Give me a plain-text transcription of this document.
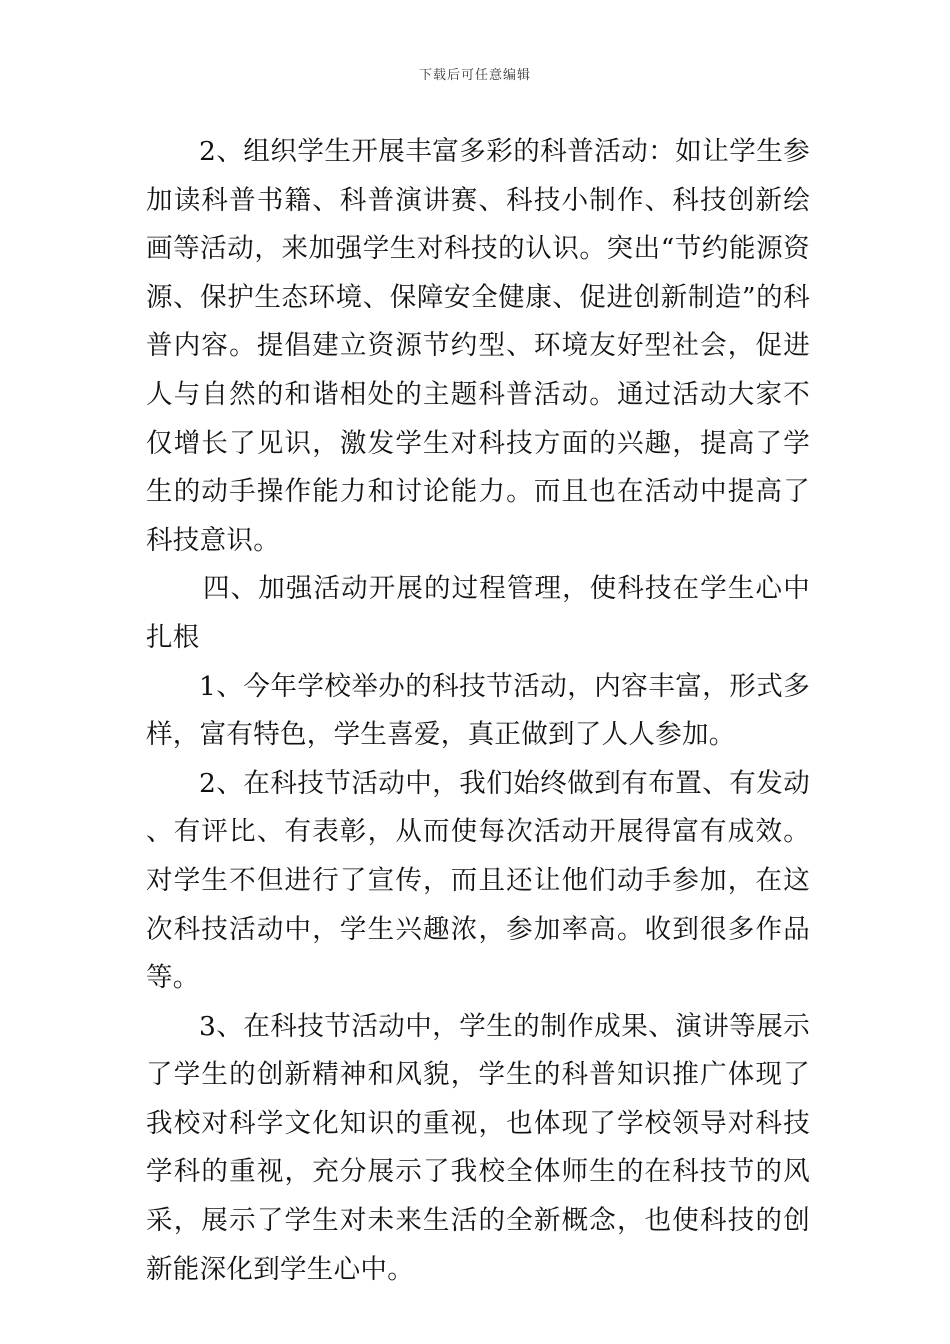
下载后可任意编辑

2、组织学生开展丰富多彩的科普活动：如让学生参加读科普书籍、科普演讲赛、科技小制作、科技创新绘画等活动，来加强学生对科技的认识。突出“节约能源资源、保护生态环境、保障安全健康、促进创新制造”的科普内容。提倡建立资源节约型、环境友好型社会，促进人与自然的和谐相处的主题科普活动。通过活动大家不仅增长了见识，激发学生对科技方面的兴趣，提高了学生的动手操作能力和讨论能力。而且也在活动中提高了科技意识。

四、加强活动开展的过程管理，使科技在学生心中扎根

1、今年学校举办的科技节活动，内容丰富，形式多样，富有特色，学生喜爱，真正做到了人人参加。

2、在科技节活动中，我们始终做到有布置、有发动、有评比、有表彰，从而使每次活动开展得富有成效。对学生不但进行了宣传，而且还让他们动手参加，在这次科技活动中，学生兴趣浓，参加率高。收到很多作品等。

3、在科技节活动中，学生的制作成果、演讲等展示了学生的创新精神和风貌，学生的科普知识推广体现了我校对科学文化知识的重视，也体现了学校领导对科技学科的重视，充分展示了我校全体师生的在科技节的风采，展示了学生对未来生活的全新概念，也使科技的创新能深化到学生心中。
